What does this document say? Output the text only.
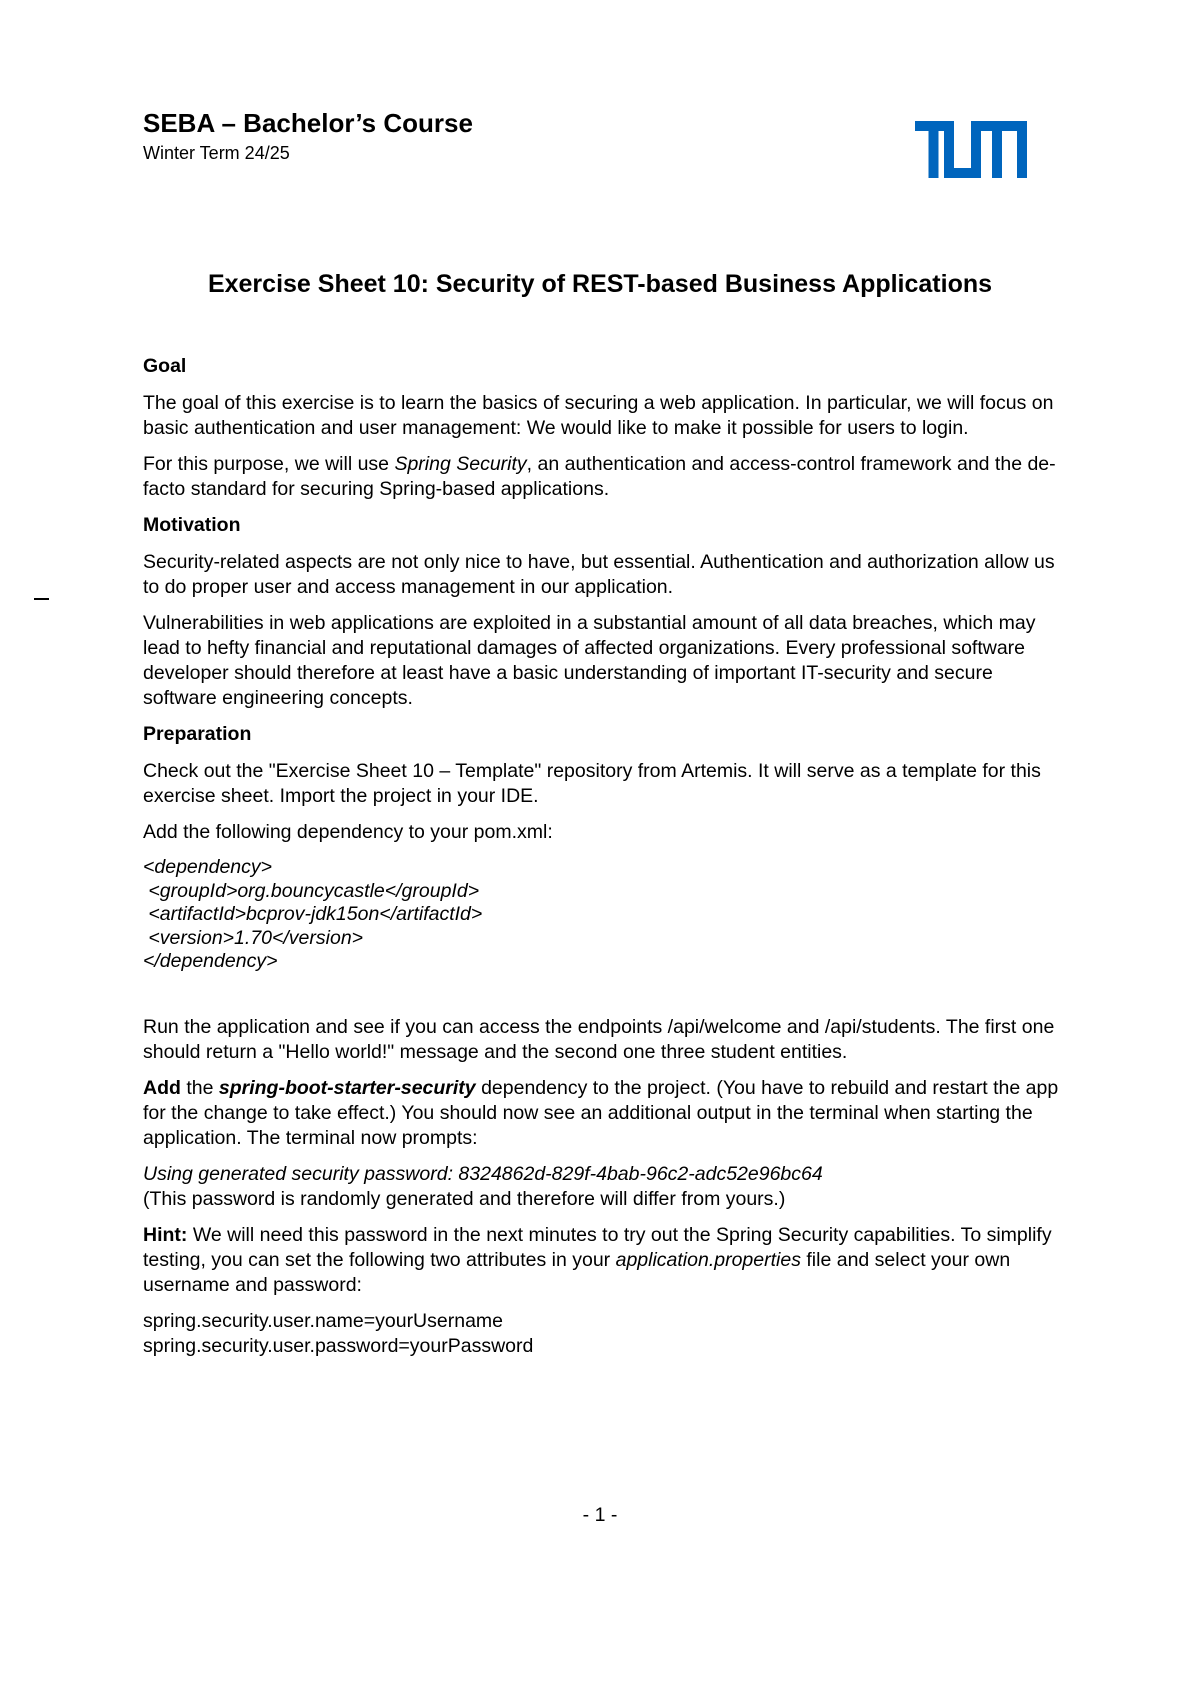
SEBA – Bachelor’s Course
Winter Term 24/25
Exercise Sheet 10: Security of REST-based Business Applications
Goal

The goal of this exercise is to learn the basics of securing a web application. In particular, we will focus on basic authentication and user management: We would like to make it possible for users to login.

For this purpose, we will use Spring Security, an authentication and access-control framework and the de-facto standard for securing Spring-based applications.

Motivation

Security-related aspects are not only nice to have, but essential. Authentication and authorization allow us to do proper user and access management in our application.

Vulnerabilities in web applications are exploited in a substantial amount of all data breaches, which may lead to hefty financial and reputational damages of affected organizations. Every professional software developer should therefore at least have a basic understanding of important IT-security and secure software engineering concepts.

Preparation

Check out the "Exercise Sheet 10 – Template" repository from Artemis. It will serve as a template for this exercise sheet. Import the project in your IDE.

Add the following dependency to your pom.xml:

<dependency>
<groupId>org.bouncycastle</groupId>
<artifactId>bcprov-jdk15on</artifactId>
<version>1.70</version>
</dependency>

Run the application and see if you can access the endpoints /api/welcome and /api/students. The first one should return a "Hello world!" message and the second one three student entities.

Add the spring-boot-starter-security dependency to the project. (You have to rebuild and restart the app for the change to take effect.) You should now see an additional output in the terminal when starting the application. The terminal now prompts:

Using generated security password: 8324862d-829f-4bab-96c2-adc52e96bc64
(This password is randomly generated and therefore will differ from yours.)

Hint: We will need this password in the next minutes to try out the Spring Security capabilities. To simplify testing, you can set the following two attributes in your application.properties file and select your own username and password:

spring.security.user.name=yourUsername
spring.security.user.password=yourPassword

- 1 -
